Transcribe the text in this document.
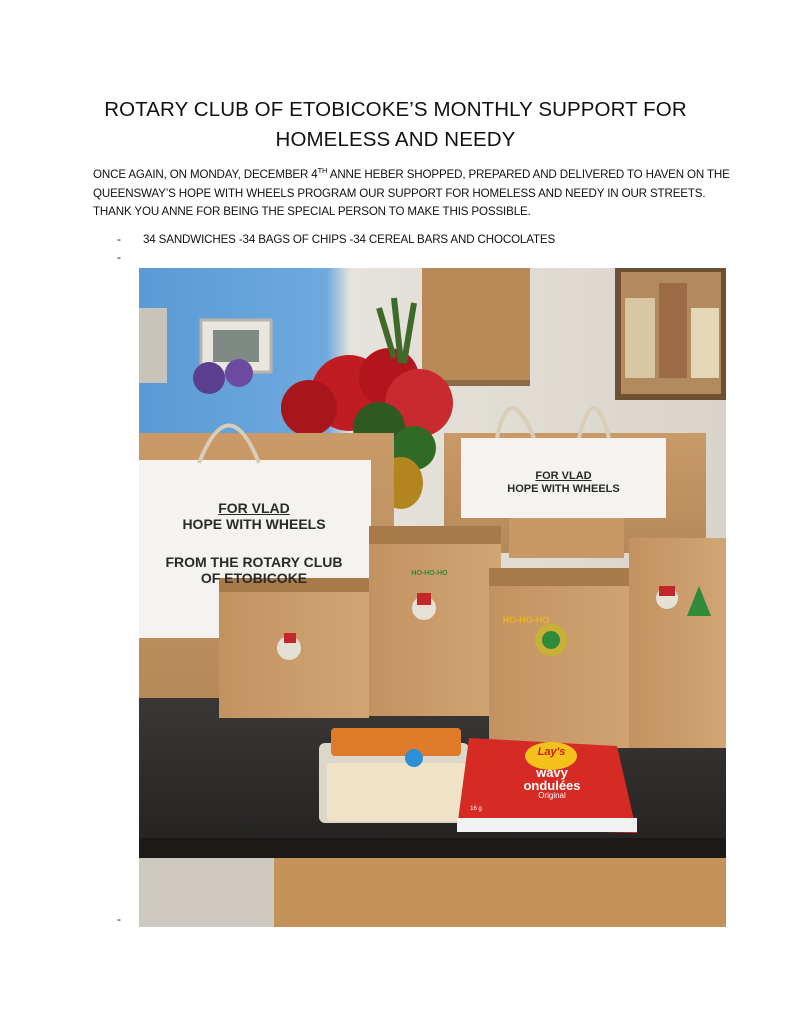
ROTARY CLUB OF ETOBICOKE’S MONTHLY SUPPORT FOR
HOMELESS AND NEEDY
ONCE AGAIN, ON MONDAY, DECEMBER 4TH ANNE HEBER SHOPPED, PREPARED AND DELIVERED TO HAVEN ON THE QUEENSWAY’S HOPE WITH WHEELS PROGRAM OUR SUPPORT FOR HOMELESS AND NEEDY IN OUR STREETS. THANK YOU ANNE FOR BEING THE SPECIAL PERSON TO MAKE THIS POSSIBLE.
- 34 SANDWICHES -34 BAGS OF CHIPS -34 CEREAL BARS AND CHOCOLATES
-
-
FOR VLAD
HOPE WITH WHEELS
FROM THE ROTARY CLUB
OF ETOBICOKE
FOR VLAD
HOPE WITH WHEELS
HO-HO-HO
HO-HO-HO
Lay's
wavy
ondulées
Original
16 g
